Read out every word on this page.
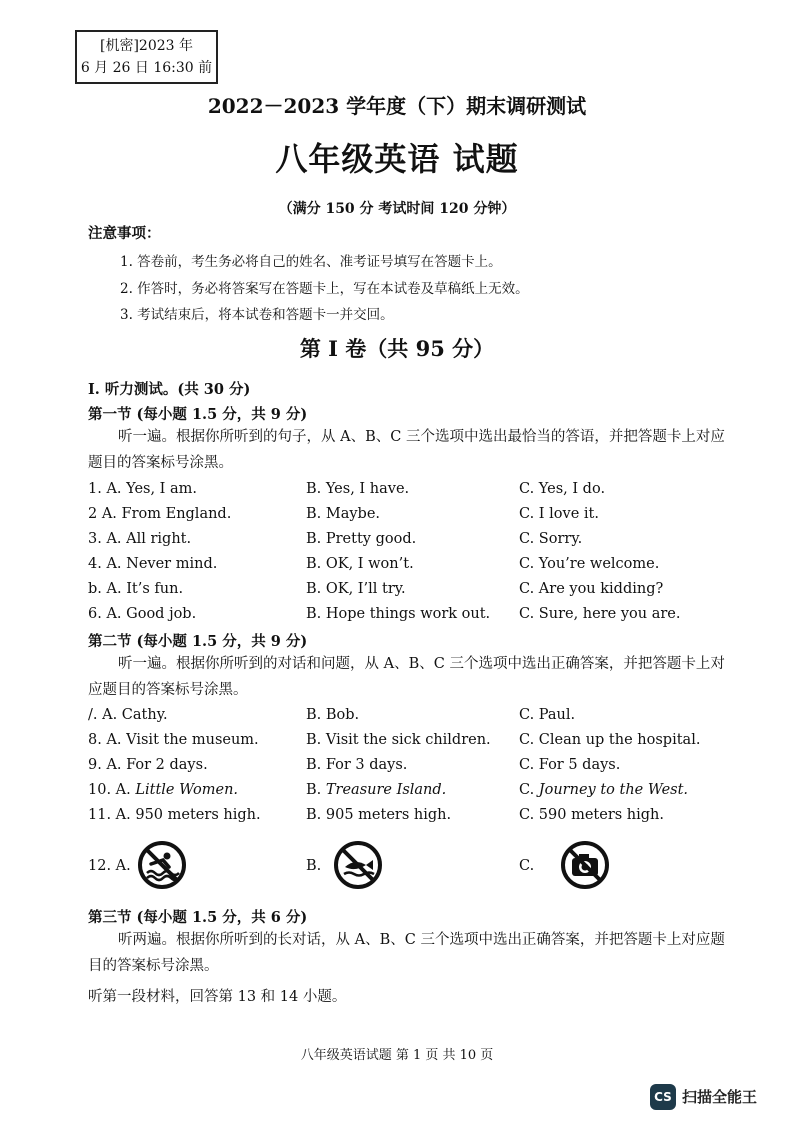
[机密]2023 年
6 月 26 日 16:30 前
2022－2023 学年度（下）期末调研测试
八年级英语 试题
（满分 150 分 考试时间 120 分钟）
注意事项：
1. 答卷前，考生务必将自己的姓名、准考证号填写在答题卡上。
2. 作答时，务必将答案写在答题卡上，写在本试卷及草稿纸上无效。
3. 考试结束后，将本试卷和答题卡一并交回。
第 I 卷（共 95 分）
I. 听力测试。(共 30 分)
第一节 (每小题 1.5 分，共 9 分)
听一遍。根据你所听到的句子，从 A、B、C 三个选项中选出最恰当的答语，并把答题卡上对应题目的答案标号涂黑。
1. A. Yes, I am.	B. Yes, I have.	C. Yes, I do.
2 A. From England.	B. Maybe.	C. I love it.
3. A. All right.	B. Pretty good.	C. Sorry.
4. A. Never mind.	B. OK, I won’t.	C. You’re welcome.
b. A. It’s fun.	B. OK, I’ll try.	C. Are you kidding?
6. A. Good job.	B. Hope things work out. C. Sure, here you are.
第二节 (每小题 1.5 分，共 9 分)
听一遍。根据你所听到的对话和问题，从 A、B、C 三个选项中选出正确答案，并把答题卡上对应题目的答案标号涂黑。
/. A. Cathy.	B. Bob.	C. Paul.
8. A. Visit the museum.	B. Visit the sick children. C. Clean up the hospital.
9. A. For 2 days.	B. For 3 days.	C. For 5 days.
10. A. Little Women.	B. Treasure Island.	C. Journey to the West.
11. A. 950 meters high.	B. 905 meters high.	C. 590 meters high.
12. A.	B.	C.
第三节 (每小题 1.5 分，共 6 分)
听两遍。根据你所听到的长对话，从 A、B、C 三个选项中选出正确答案，并把答题卡上对应题目的答案标号涂黑。
听第一段材料，回答第 13 和 14 小题。
八年级英语试题 第 1 页 共 10 页
CS 扫描全能王
